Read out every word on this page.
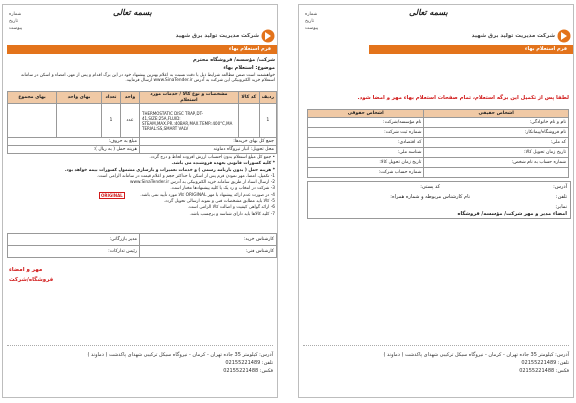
شماره
تاریخ
پیوست
بسمه تعالی
شرکت مدیریت تولید برق شهید
فرم استعلام بهاء
لطفا پس از تکمیل این برگه استعلام، تمام صفحات استعلام بهاء مهر و امضا شود.
اشخاص حقیقی	اشخاص حقوقی
نام و نام خانوادگی:	نام مؤسسه/شرکت:
نام فروشگاه/پیمانکار:	شماره ثبت شرکت:
کد ملی:	کد اقتصادی:
تاریخ زمان تحویل کالا:	شناسه ملی:
شماره حساب به نام شخص:	تاریخ زمان تحویل کالا:
	شماره حساب شرکت:
آدرس:
کد پستی:
تلفن:
نام کارشناس مربوطه و شماره همراه:
نمابر:
امضاء مدیر و مهر شرکت/ مؤسسه/ فروشگاه
آدرس: کیلومتر 35 جاده تهران - کرمان - نیروگاه سیکل ترکیبی شهدای پاکدشت ( دماوند )
تلفن: 02155221489
فکس: 02155221488
شماره
تاریخ
پیوست
بسمه تعالی
شرکت مدیریت تولید برق شهید
فرم استعلام بهاء
شرکت/ مؤسسه/ فروشگاه محترم
موضوع: استعلام بهاء
خواهشمند است ضمن مطالعه شرایط ذیل با دقت نسبت به اعلام بهترین پیشنهاد خود در این برگ اقدام و پس از مهر، امضاء و اسکن در سامانه استعلام خرید الکترونیکی این شرکت به آدرس www.SinaTender.ir ارسال فرمایید.
ردیف	کد کالا	مشخصات و نوع کالا / خدمات مورد استعلام	واحد	تعداد	بهای واحد	بهای مجموع
1		THERMOSTATIC DISC TRAP,DT-41,SIZE:25A,FLUID:
STEAM,MAX.PR.:40BAR,MAX.TEMP.:400°C,MA
TERIAL:SS,SMART VALV	عدد	1		
جمع کل بهای خریدها:			مبلغ به حروف:			
محل تحویل: انبار نیروگاه دماوند			هزینه حمل ( به ریال ):			
• جمع کل مبلغ استعلام بدون احتساب ارزش افزوده لحاظ و درج گردد.
* کلیه کسورات قانونی بعهده فروشنده می باشد.
* هزینه حمل ( بدون بارنامه رسمی ) و خدمات تعمیرات و بازسازی مشمول کسورات بیمه خواهد بود.
1- تکمیل، امضا، مهر نمودن فرم پس از اسکن با حداکثر حجم و اعلام قیمت در سامانه الزامی است.
2- ارسال اسناد از طریق سامانه خرید الکترونیکی به آدرس www.SinaTender.ir
3- شرکت در انتخاب و رد یک یا کلیه پیشنهادها مختار است.
4- در صورت عدم ارائه پیشنهاد با مهر ORIGINAL کالا مورد تأیید نمی باشد.
5- کالا باید مطابق مشخصات فنی و نمونه ارسالی تحویل گردد.
6- ارائه گواهی کیفیت و اصالت کالا الزامی است.
7- کلیه کالاها باید دارای شناسه و برچسب باشد.
ORIGINAL
کارشناس خرید:	مدیر بازرگانی:
کارشناس فنی:	رئیس تدارکات:
مهر و امضاء
فروشگاه/شرکت
آدرس: کیلومتر 35 جاده تهران - کرمان - نیروگاه سیکل ترکیبی شهدای پاکدشت ( دماوند )
تلفن: 02155221489
فکس: 02155221488
